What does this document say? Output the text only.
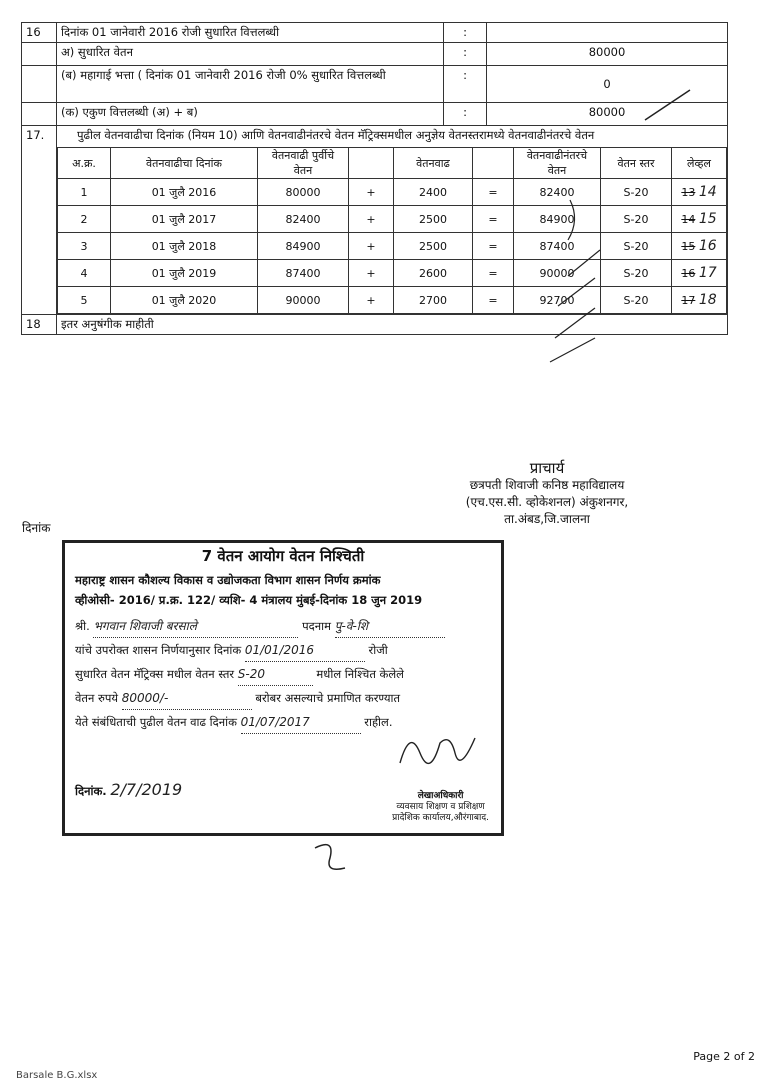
16	दिनांक 01 जानेवारी 2016 रोजी सुधारित वित्तलब्धी	:	
	अ) सुधारित वेतन	:	80000
	(ब) महागाई भत्ता ( दिनांक 01 जानेवारी 2016 रोजी 0% सुधारित वित्तलब्धी	:	0
	(क) एकुण वित्तलब्धी (अ) + ब)	:	80000
17.	पुढील वेतनवाढीचा दिनांक (नियम 10) आणि वेतनवाढीनंतरचे वेतन मॅट्रिक्समधील अनुज्ञेय वेतनस्तरामध्ये वेतनवाढीनंतरचे वेतन
अ.क्र.	वेतनवाढीचा दिनांक	वेतनवाढी पुर्वीचे वेतन		वेतनवाढ		वेतनवाढीनंतरचे वेतन	वेतन स्तर	लेव्हल
1	01 जुलै 2016	80000	+	2400	=	82400	S-20	13 14
2	01 जुलै 2017	82400	+	2500	=	84900	S-20	14 15
3	01 जुलै 2018	84900	+	2500	=	87400	S-20	15 16
4	01 जुलै 2019	87400	+	2600	=	90000	S-20	16 17
5	01 जुलै 2020	90000	+	2700	=	92700	S-20	17 18

18	इतर अनुषंगीक माहीती
प्राचार्य
छत्रपती शिवाजी कनिष्ठ महाविद्यालय
(एच.एस.सी. व्होकेशनल) अंकुशनगर,
ता.अंबड,जि.जालना
दिनांक
7 वेतन आयोग वेतन निश्चिती
महाराष्ट्र शासन कौशल्य विकास व उद्योजकता विभाग शासन निर्णय क्रमांक
व्हीओसी- 2016/ प्र.क्र. 122/ व्यशि- 4 मंत्रालय मुंबई-दिनांक 18 जुन 2019
श्री. भगवान शिवाजी बरसाले	पदनाम पु-वे-शि
यांचे उपरोक्त शासन निर्णयानुसार दिनांक 01/01/2016	रोजी
सुधारित वेतन मॅट्रिक्स मधील वेतन स्तर S-20	मधील निश्चित केलेले
वेतन रुपये 80000/-	बरोबर असल्याचे प्रमाणित करण्यात
येते संबंधिताची पुढील वेतन वाढ दिनांक 01/07/2017	राहील.
दिनांक. 2/7/2019	लेखाअधिकारी
व्यवसाय शिक्षण व प्रशिक्षण
प्रादेशिक कार्यालय,औरंगाबाद.
Barsale B.G.xlsx
Page 2 of 2
